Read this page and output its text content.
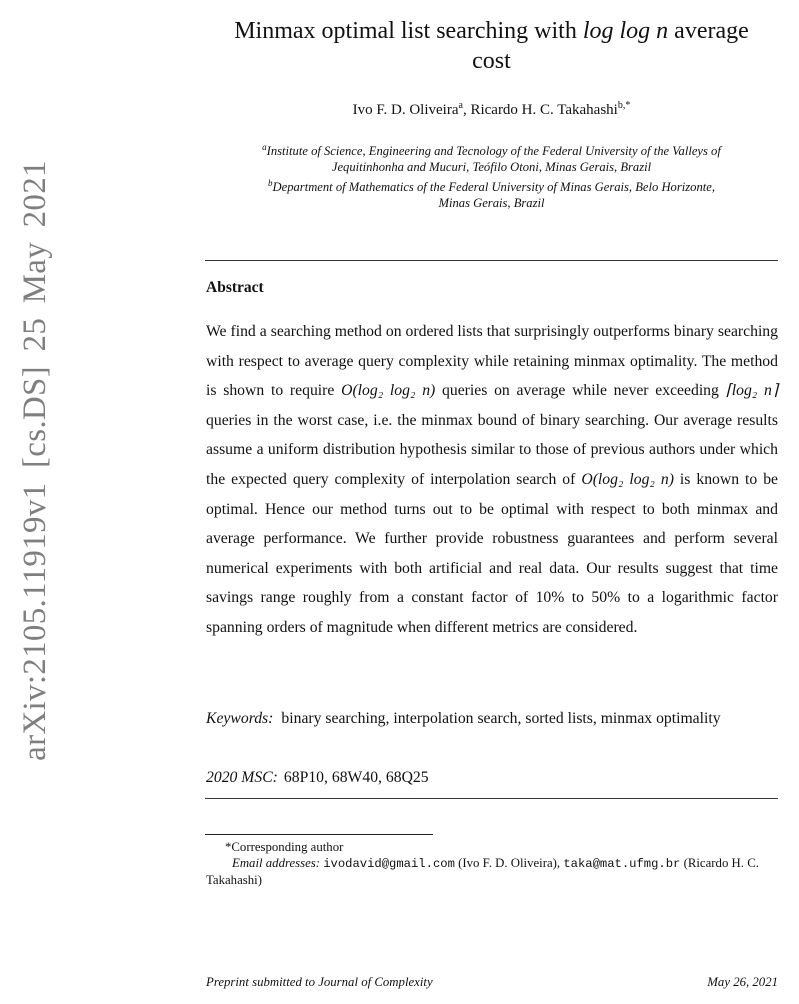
arXiv:2105.11919v1 [cs.DS] 25 May 2021
Minmax optimal list searching with log log n average
cost
Ivo F. D. Oliveira$^a$, Ricardo H. C. Takahashi$^{b,*}$
$^a$Institute of Science, Engineering and Tecnology of the Federal University of the Valleys of
Jequitinhonha and Mucuri, Teófilo Otoni, Minas Gerais, Brazil
$^b$Department of Mathematics of the Federal University of Minas Gerais, Belo Horizonte,
Minas Gerais, Brazil
Abstract
We find a searching method on ordered lists that surprisingly outperforms binary searching with respect to average query complexity while retaining minmax optimality. The method is shown to require O(log₂ log₂ n) queries on average while never exceeding ⌈log₂ n⌉ queries in the worst case, i.e. the minmax bound of binary searching. Our average results assume a uniform distribution hypothesis similar to those of previous authors under which the expected query complexity of interpolation search of O(log₂ log₂ n) is known to be optimal. Hence our method turns out to be optimal with respect to both minmax and average performance. We further provide robustness guarantees and perform several numerical experiments with both artificial and real data. Our results suggest that time savings range roughly from a constant factor of 10% to 50% to a logarithmic factor spanning orders of magnitude when different metrics are considered.
Keywords: binary searching, interpolation search, sorted lists, minmax optimality
2020 MSC: 68P10, 68W40, 68Q25
*Corresponding author
Email addresses: ivodavid@gmail.com (Ivo F. D. Oliveira), taka@mat.ufmg.br (Ricardo H. C. Takahashi)
Preprint submitted to Journal of Complexity	May 26, 2021
